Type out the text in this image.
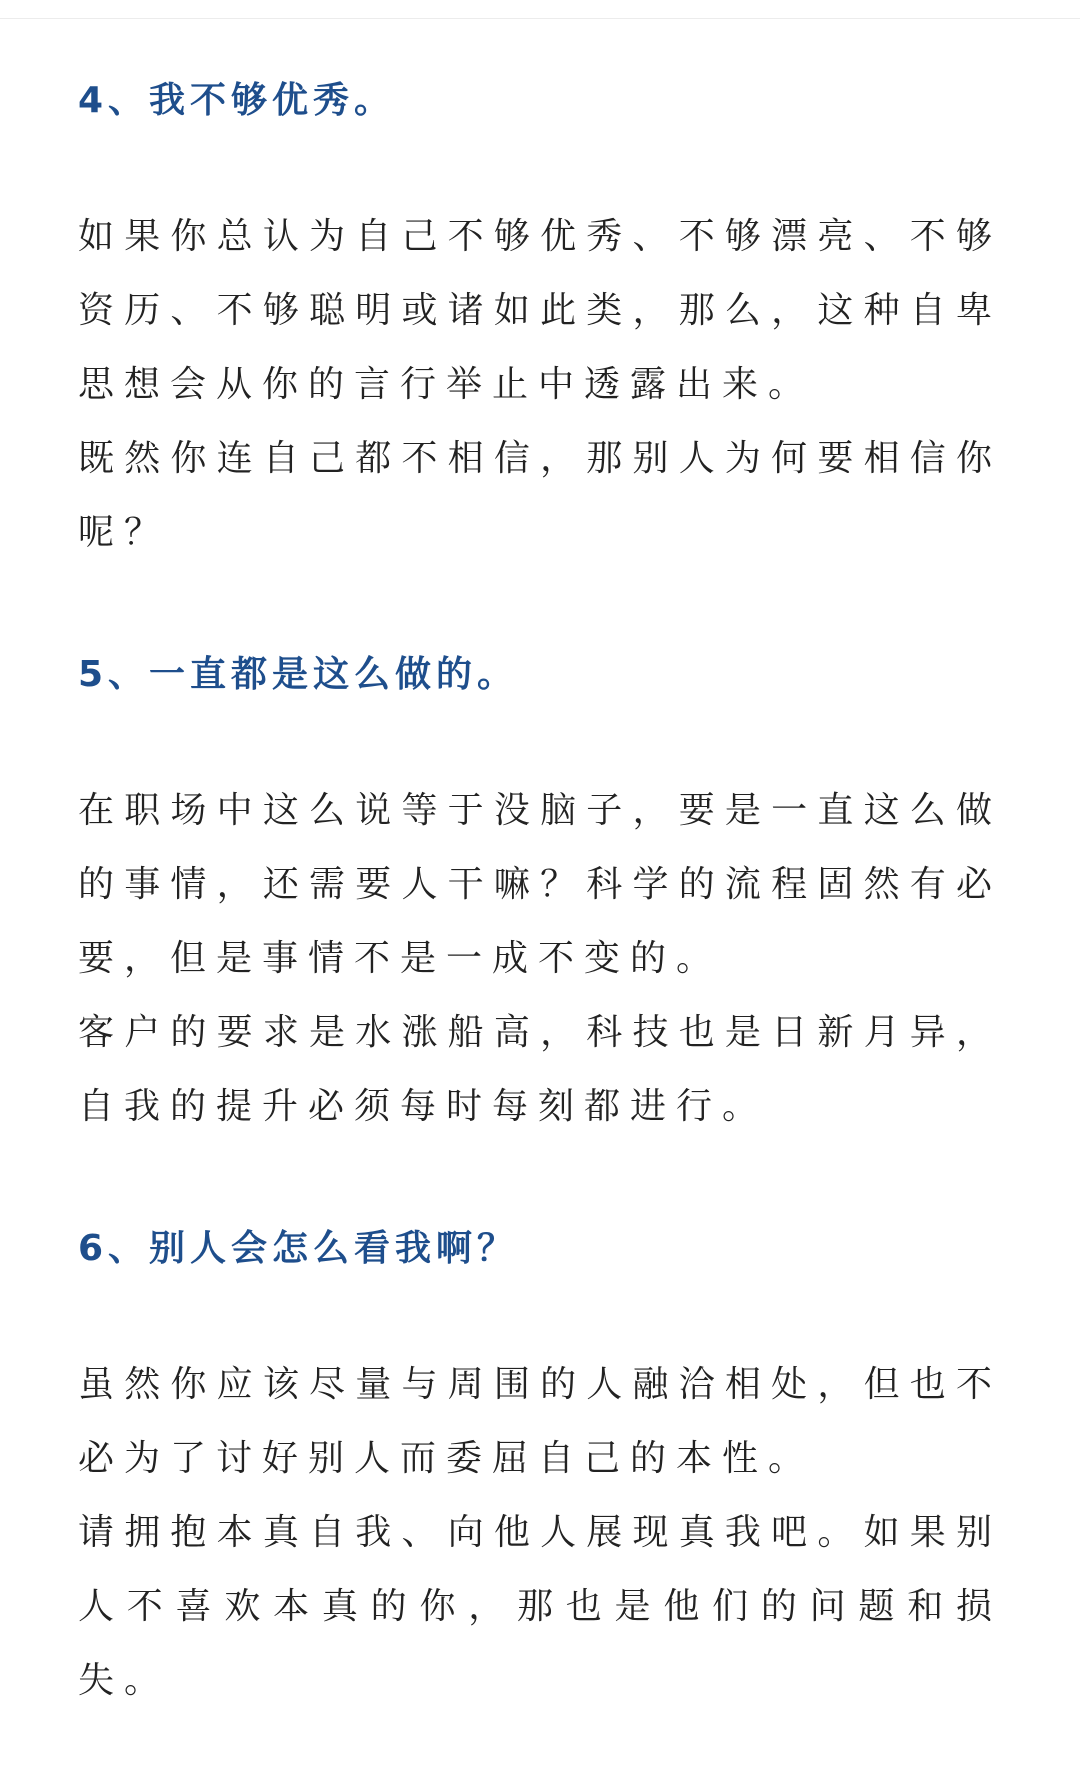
4、我不够优秀。

如果你总认为自己不够优秀、不够漂亮、不够资历、不够聪明或诸如此类，那么，这种自卑思想会从你的言行举止中透露出来。

既然你连自己都不相信，那别人为何要相信你呢？

5、一直都是这么做的。

在职场中这么说等于没脑子，要是一直这么做的事情，还需要人干嘛？科学的流程固然有必要，但是事情不是一成不变的。

客户的要求是水涨船高，科技也是日新月异，自我的提升必须每时每刻都进行。

6、别人会怎么看我啊？

虽然你应该尽量与周围的人融洽相处，但也不必为了讨好别人而委屈自己的本性。

请拥抱本真自我、向他人展现真我吧。如果别人不喜欢本真的你，那也是他们的问题和损失。
